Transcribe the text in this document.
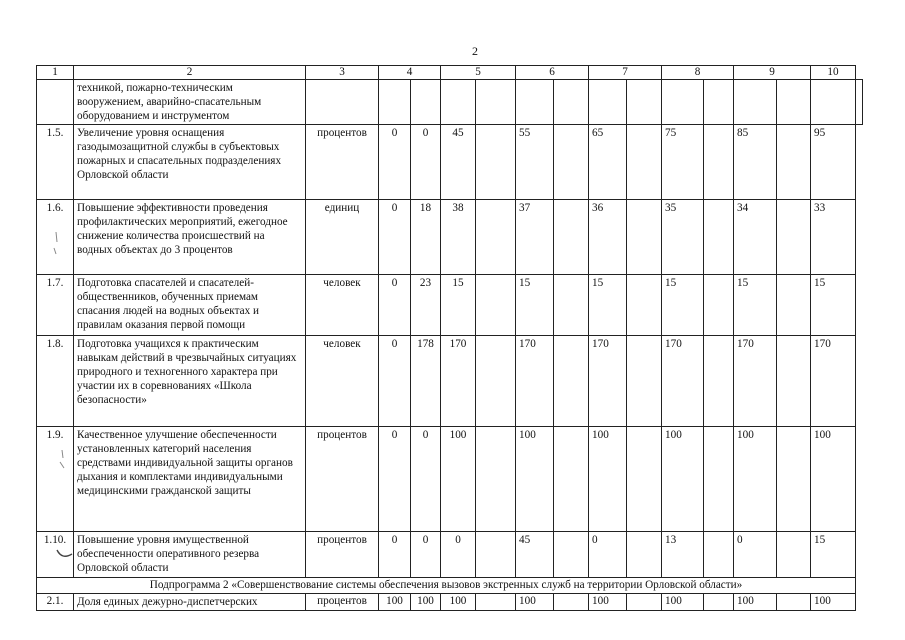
2
1	2	3	4		5		6		7		8		9		10	
	техникой, пожарно-техническим вооружением, аварийно-спасательным оборудованием и инструментом															
1.5.	Увеличение уровня оснащения газодымозащитной службы в субъектовых пожарных и спасательных подразделениях Орловской области	процентов	0	0	45		55		65		75		85		95	
1.6.	Повышение эффективности проведения профилактических мероприятий, ежегодное снижение количества происшествий на водных объектах до 3 процентов	единиц	0	18	38		37		36		35		34		33	
1.7.	Подготовка спасателей и спасателей-общественников, обученных приемам спасания людей на водных объектах и правилам оказания первой помощи	человек	0	23	15		15		15		15		15		15	
1.8.	Подготовка учащихся к практическим навыкам действий в чрезвычайных ситуациях природного и техногенного характера при участии их в соревнованиях «Школа безопасности»	человек	0	178	170		170		170		170		170		170	
1.9.	Качественное улучшение обеспеченности установленных категорий населения средствами индивидуальной защиты органов дыхания и комплектами индивидуальными медицинскими гражданской защиты	процентов	0	0	100		100		100		100		100		100	
1.10.	Повышение уровня имущественной обеспеченности оперативного резерва Орловской области	процентов	0	0	0		45		0		13		0		15	
Подпрограмма 2 «Совершенствование системы обеспечения вызовов экстренных служб на территории Орловской области»																
2.1.	Доля единых дежурно-диспетчерских	процентов	100	100	100		100		100		100		100		100	
